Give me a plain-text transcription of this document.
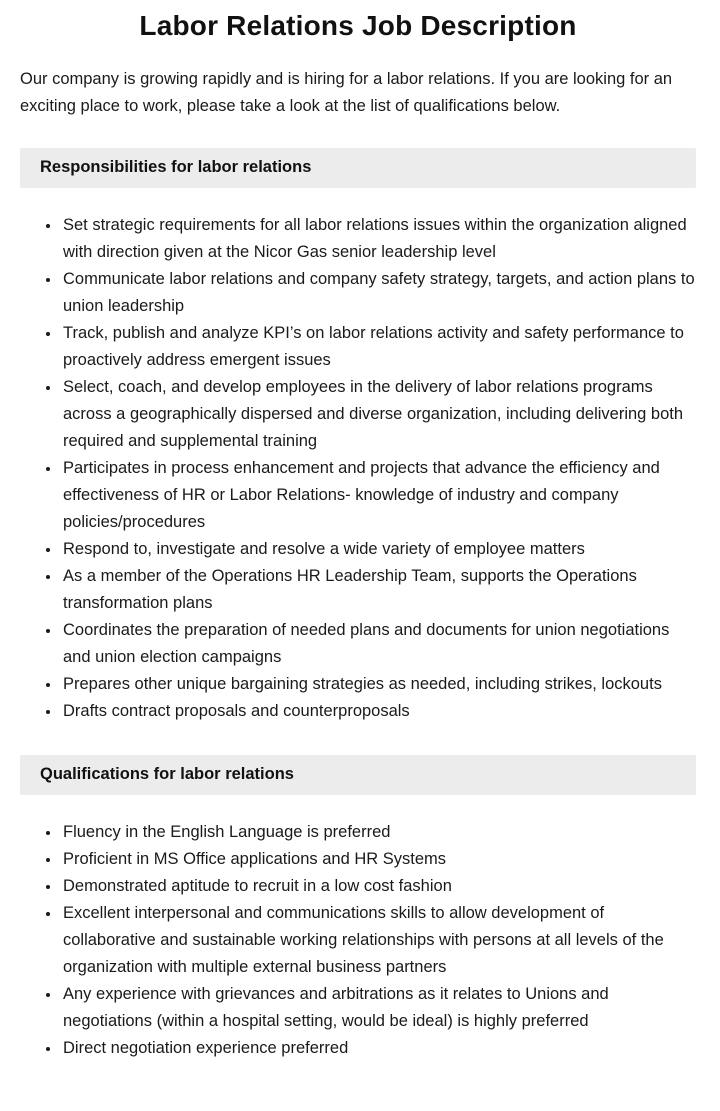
Labor Relations Job Description

Our company is growing rapidly and is hiring for a labor relations. If you are looking for an exciting place to work, please take a look at the list of qualifications below.

Responsibilities for labor relations
• Set strategic requirements for all labor relations issues within the organization aligned with direction given at the Nicor Gas senior leadership level
• Communicate labor relations and company safety strategy, targets, and action plans to union leadership
• Track, publish and analyze KPI’s on labor relations activity and safety performance to proactively address emergent issues
• Select, coach, and develop employees in the delivery of labor relations programs across a geographically dispersed and diverse organization, including delivering both required and supplemental training
• Participates in process enhancement and projects that advance the efficiency and effectiveness of HR or Labor Relations- knowledge of industry and company policies/procedures
• Respond to, investigate and resolve a wide variety of employee matters
• As a member of the Operations HR Leadership Team, supports the Operations transformation plans
• Coordinates the preparation of needed plans and documents for union negotiations and union election campaigns
• Prepares other unique bargaining strategies as needed, including strikes, lockouts
• Drafts contract proposals and counterproposals
Qualifications for labor relations
• Fluency in the English Language is preferred
• Proficient in MS Office applications and HR Systems
• Demonstrated aptitude to recruit in a low cost fashion
• Excellent interpersonal and communications skills to allow development of collaborative and sustainable working relationships with persons at all levels of the organization with multiple external business partners
• Any experience with grievances and arbitrations as it relates to Unions and negotiations (within a hospital setting, would be ideal) is highly preferred
• Direct negotiation experience preferred
